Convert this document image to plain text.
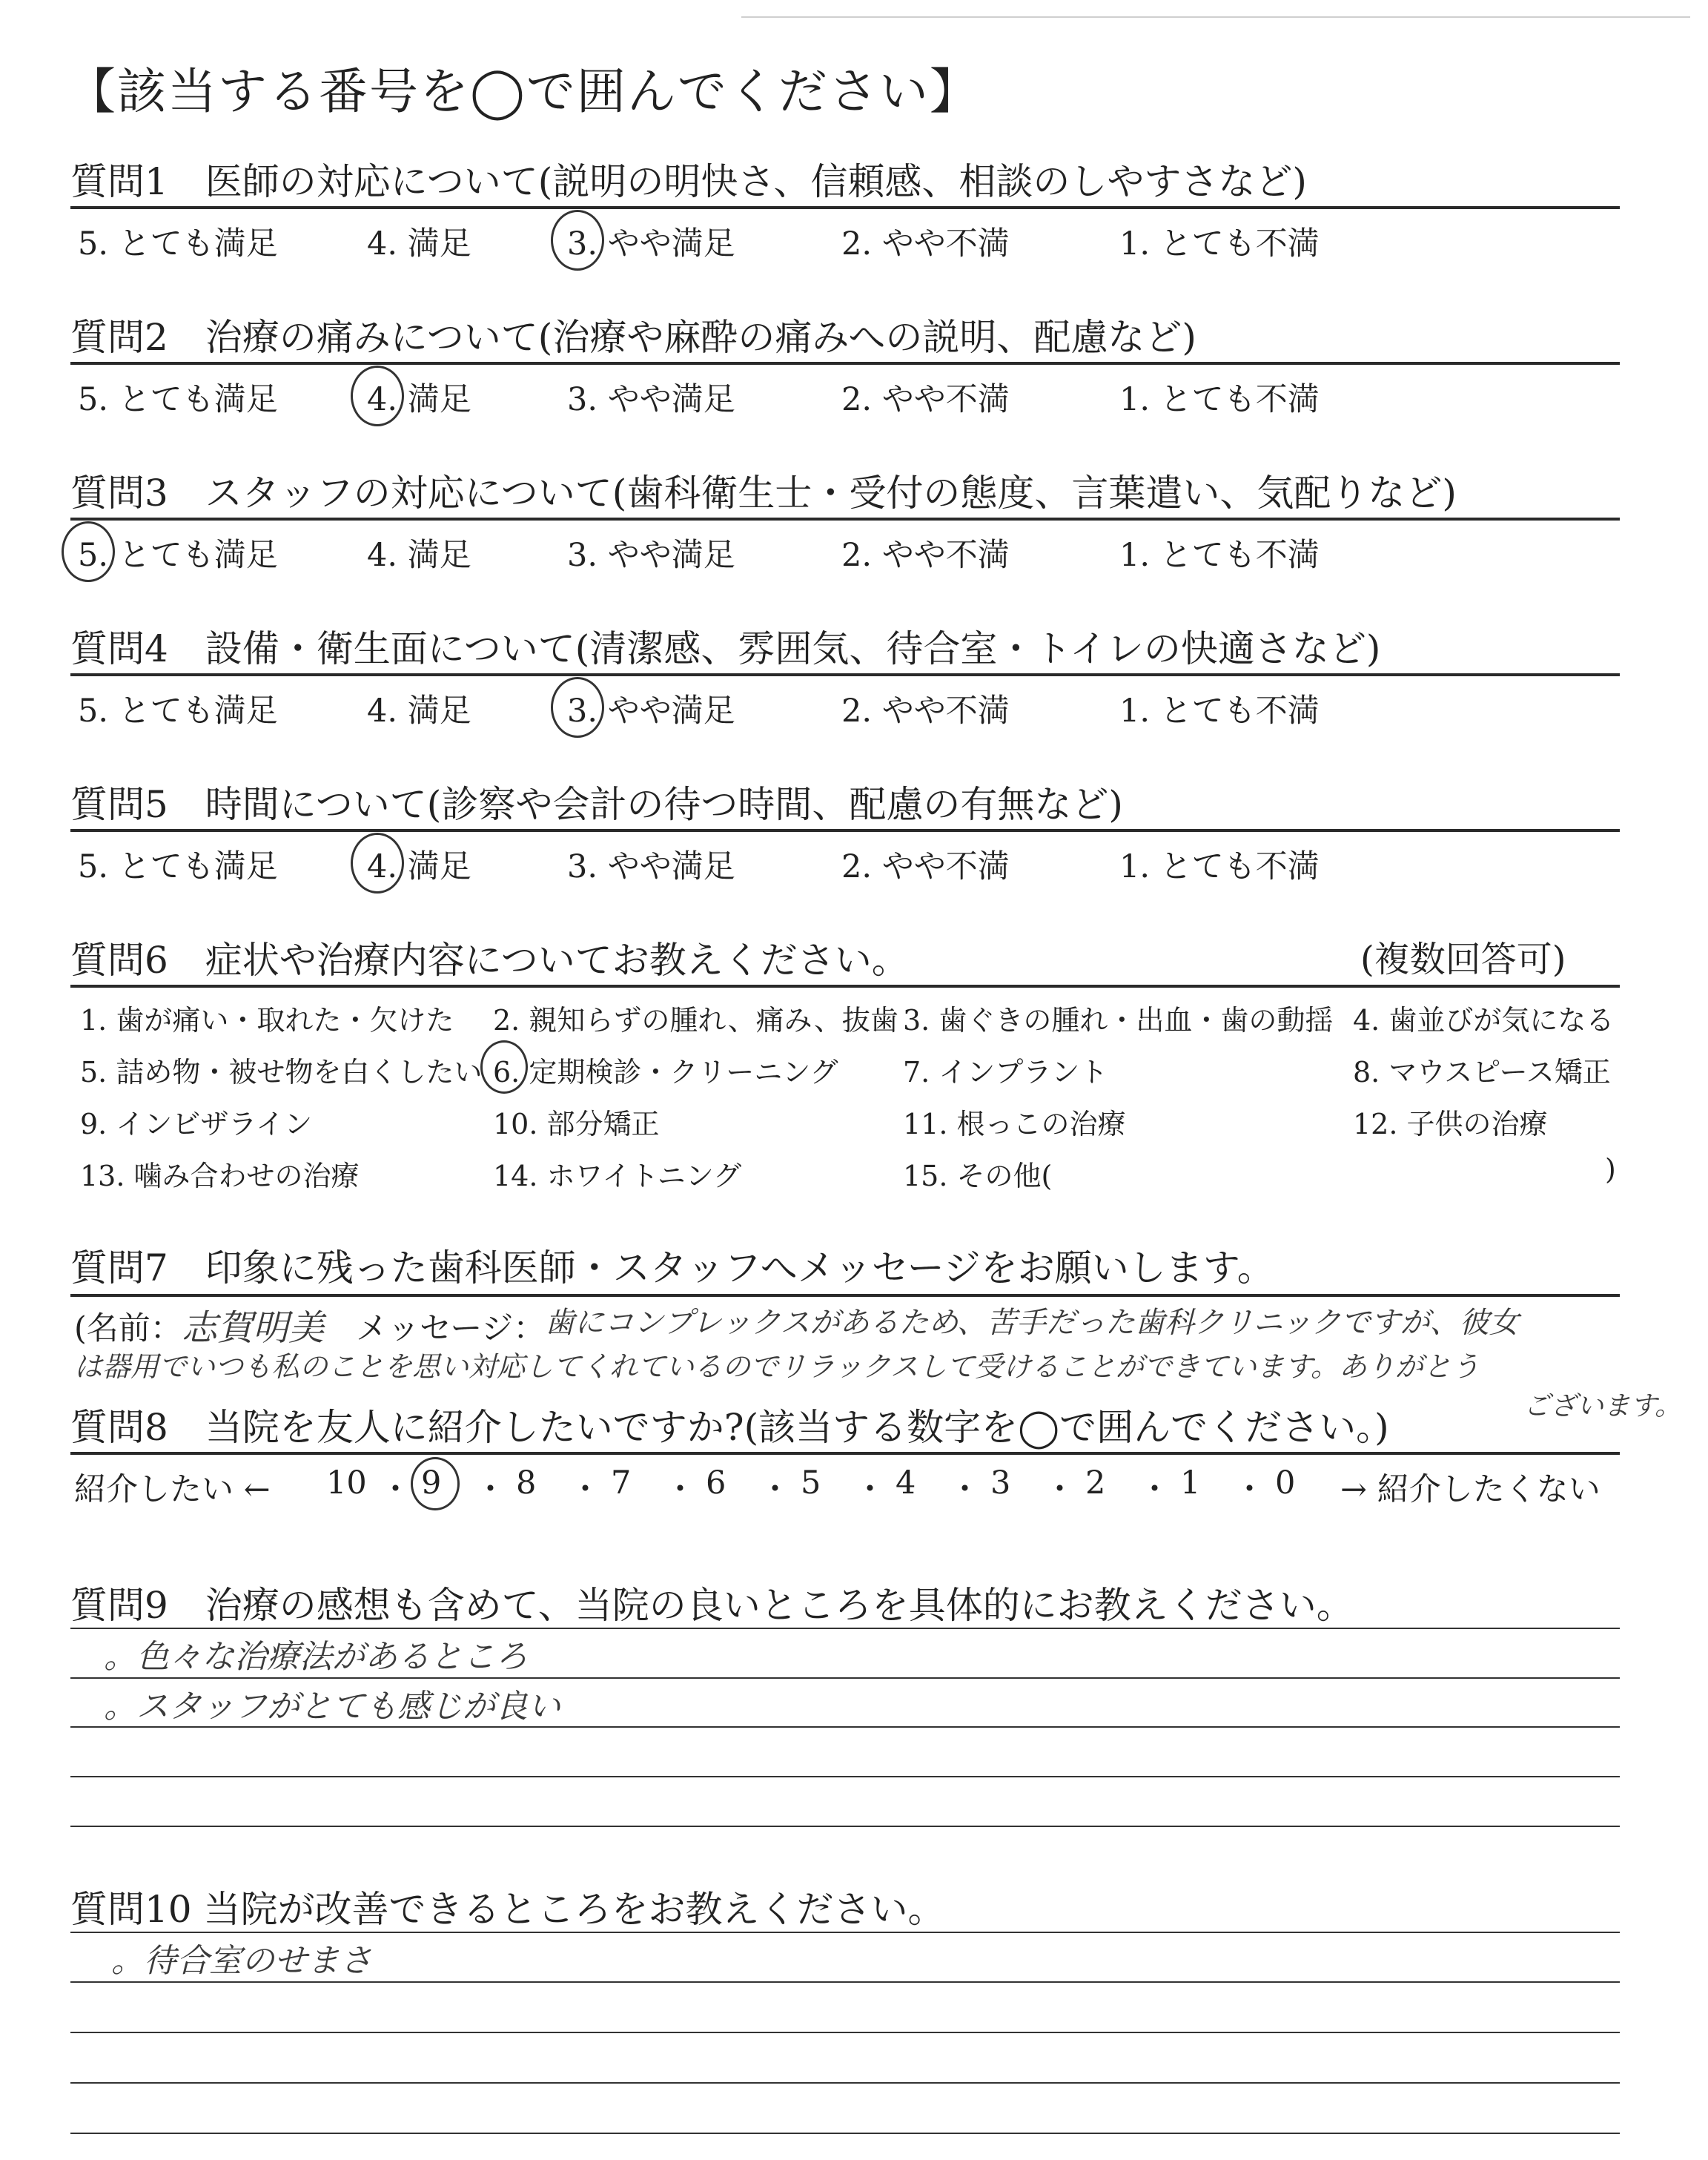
【該当する番号を◯で囲んでください】
質問1　医師の対応について(説明の明快さ、信頼感、相談のしやすさなど)
5. とても満足	4. 満足	3. やや満足	2. やや不満	1. とても不満
質問2　治療の痛みについて(治療や麻酔の痛みへの説明、配慮など)
5. とても満足	4. 満足	3. やや満足	2. やや不満	1. とても不満
質問3　スタッフの対応について(歯科衛生士・受付の態度、言葉遣い、気配りなど)
5. とても満足	4. 満足	3. やや満足	2. やや不満	1. とても不満
質問4　設備・衛生面について(清潔感、雰囲気、待合室・トイレの快適さなど)
5. とても満足	4. 満足	3. やや満足	2. やや不満	1. とても不満
質問5　時間について(診察や会計の待つ時間、配慮の有無など)
5. とても満足	4. 満足	3. やや満足	2. やや不満	1. とても不満
質問6　症状や治療内容についてお教えください。	(複数回答可)
1. 歯が痛い・取れた・欠けた 2. 親知らずの腫れ、痛み、抜歯 3. 歯ぐきの腫れ・出血・歯の動揺 4. 歯並びが気になる
5. 詰め物・被せ物を白くしたい 6. 定期検診・クリーニング 7. インプラント	8. マウスピース矯正
9. インビザライン	10. 部分矯正	11. 根っこの治療	12. 子供の治療
13. 噛み合わせの治療	14. ホワイトニング	15. その他(	)
質問7　印象に残った歯科医師・スタッフへメッセージをお願いします。
(名前： 志賀明美 メッセージ： 歯にコンプレックスがあるため、苦手だった歯科クリニックですが、彼女
は器用でいつも私のことを思い対応してくれているのでリラックスして受けることができています。ありがとう
ございます。
質問8　当院を友人に紹介したいですか?(該当する数字を◯で囲んでください。)
紹介したい ← 10 ・ 9 ・ 8 ・ 7 ・ 6 ・ 5 ・ 4 ・ 3 ・ 2 ・ 1 ・ 0 → 紹介したくない
質問9　治療の感想も含めて、当院の良いところを具体的にお教えください。
。色々な治療法があるところ
。スタッフがとても感じが良い
質問10 当院が改善できるところをお教えください。
。待合室のせまさ
